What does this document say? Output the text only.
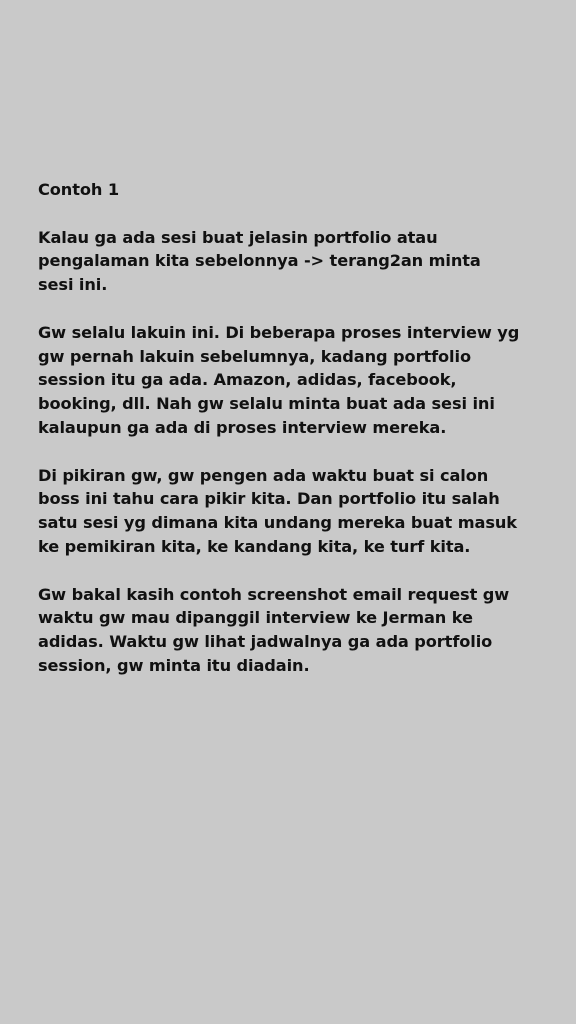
Contoh 1
Kalau ga ada sesi buat jelasin portfolio atau
pengalaman kita sebelonnya -> terang2an minta
sesi ini.
Gw selalu lakuin ini. Di beberapa proses interview yg
gw pernah lakuin sebelumnya, kadang portfolio
session itu ga ada. Amazon, adidas, facebook,
booking, dll. Nah gw selalu minta buat ada sesi ini
kalaupun ga ada di proses interview mereka.
Di pikiran gw, gw pengen ada waktu buat si calon
boss ini tahu cara pikir kita. Dan portfolio itu salah
satu sesi yg dimana kita undang mereka buat masuk
ke pemikiran kita, ke kandang kita, ke turf kita.
Gw bakal kasih contoh screenshot email request gw
waktu gw mau dipanggil interview ke Jerman ke
adidas. Waktu gw lihat jadwalnya ga ada portfolio
session, gw minta itu diadain.
